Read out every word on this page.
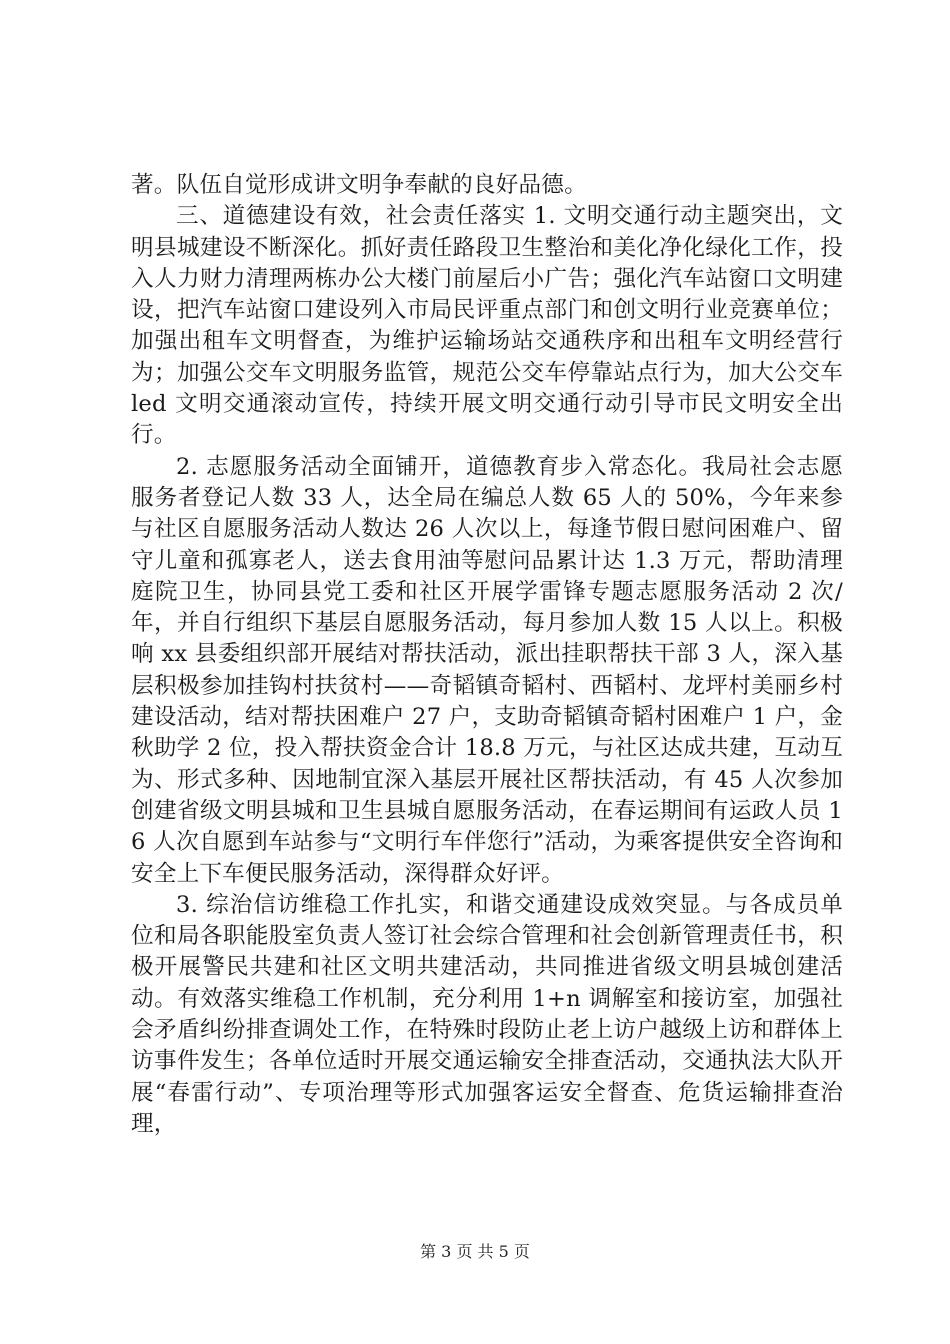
著。队伍自觉形成讲文明争奉献的良好品德。

三、道德建设有效，社会责任落实 1. 文明交通行动主题突出，文明县城建设不断深化。抓好责任路段卫生整治和美化净化绿化工作，投入人力财力清理两栋办公大楼门前屋后小广告；强化汽车站窗口文明建设，把汽车站窗口建设列入市局民评重点部门和创文明行业竞赛单位；加强出租车文明督查，为维护运输场站交通秩序和出租车文明经营行为；加强公交车文明服务监管，规范公交车停靠站点行为，加大公交车 led 文明交通滚动宣传，持续开展文明交通行动引导市民文明安全出行。

2. 志愿服务活动全面铺开，道德教育步入常态化。我局社会志愿服务者登记人数 33 人，达全局在编总人数 65 人的 50%，今年来参与社区自愿服务活动人数达 26 人次以上，每逢节假日慰问困难户、留守儿童和孤寡老人，送去食用油等慰问品累计达 1.3 万元，帮助清理庭院卫生，协同县党工委和社区开展学雷锋专题志愿服务活动 2 次/年，并自行组织下基层自愿服务活动，每月参加人数 15 人以上。积极响 xx 县委组织部开展结对帮扶活动，派出挂职帮扶干部 3 人，深入基层积极参加挂钩村扶贫村——奇韬镇奇韬村、西韬村、龙坪村美丽乡村建设活动，结对帮扶困难户 27 户，支助奇韬镇奇韬村困难户 1 户，金秋助学 2 位，投入帮扶资金合计 18.8 万元，与社区达成共建，互动互为、形式多种、因地制宜深入基层开展社区帮扶活动，有 45 人次参加创建省级文明县城和卫生县城自愿服务活动，在春运期间有运政人员 16 人次自愿到车站参与“文明行车伴您行”活动，为乘客提供安全咨询和安全上下车便民服务活动，深得群众好评。

3. 综治信访维稳工作扎实，和谐交通建设成效突显。与各成员单位和局各职能股室负责人签订社会综合管理和社会创新管理责任书，积极开展警民共建和社区文明共建活动，共同推进省级文明县城创建活动。有效落实维稳工作机制，充分利用 1+n 调解室和接访室，加强社会矛盾纠纷排查调处工作，在特殊时段防止老上访户越级上访和群体上访事件发生；各单位适时开展交通运输安全排查活动，交通执法大队开展“春雷行动”、专项治理等形式加强客运安全督查、危货运输排查治理，

第 3 页 共 5 页
